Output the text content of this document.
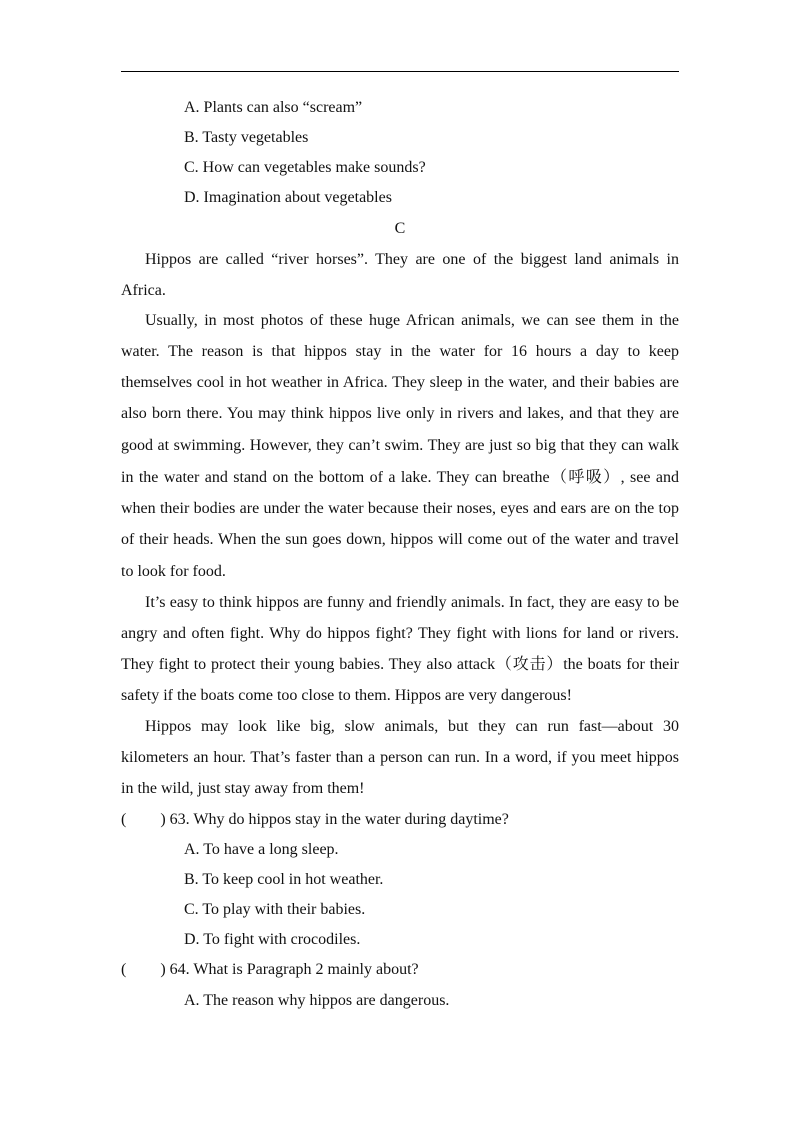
A. Plants can also “scream”
B. Tasty vegetables
C. How can vegetables make sounds?
D. Imagination about vegetables
C
Hippos are called “river horses”. They are one of the biggest land animals in
Africa.
Usually, in most photos of these huge African animals, we can see them in the
water. The reason is that hippos stay in the water for 16 hours a day to keep
themselves cool in hot weather in Africa. They sleep in the water, and their babies are
also born there. You may think hippos live only in rivers and lakes, and that they are
good at swimming. However, they can’t swim. They are just so big that they can walk
in the water and stand on the bottom of a lake. They can breathe（呼吸）, see and
when their bodies are under the water because their noses, eyes and ears are on the top
of their heads. When the sun goes down, hippos will come out of the water and travel
to look for food.
It’s easy to think hippos are funny and friendly animals. In fact, they are easy to be
angry and often fight. Why do hippos fight? They fight with lions for land or rivers.
They fight to protect their young babies. They also attack（攻击）the boats for their
safety if the boats come too close to them. Hippos are very dangerous!
Hippos may look like big, slow animals, but they can run fast—about 30
kilometers an hour. That’s faster than a person can run. In a word, if you meet hippos
in the wild, just stay away from them!
( ) 63. Why do hippos stay in the water during daytime?
A. To have a long sleep.
B. To keep cool in hot weather.
C. To play with their babies.
D. To fight with crocodiles.
( ) 64. What is Paragraph 2 mainly about?
A. The reason why hippos are dangerous.
